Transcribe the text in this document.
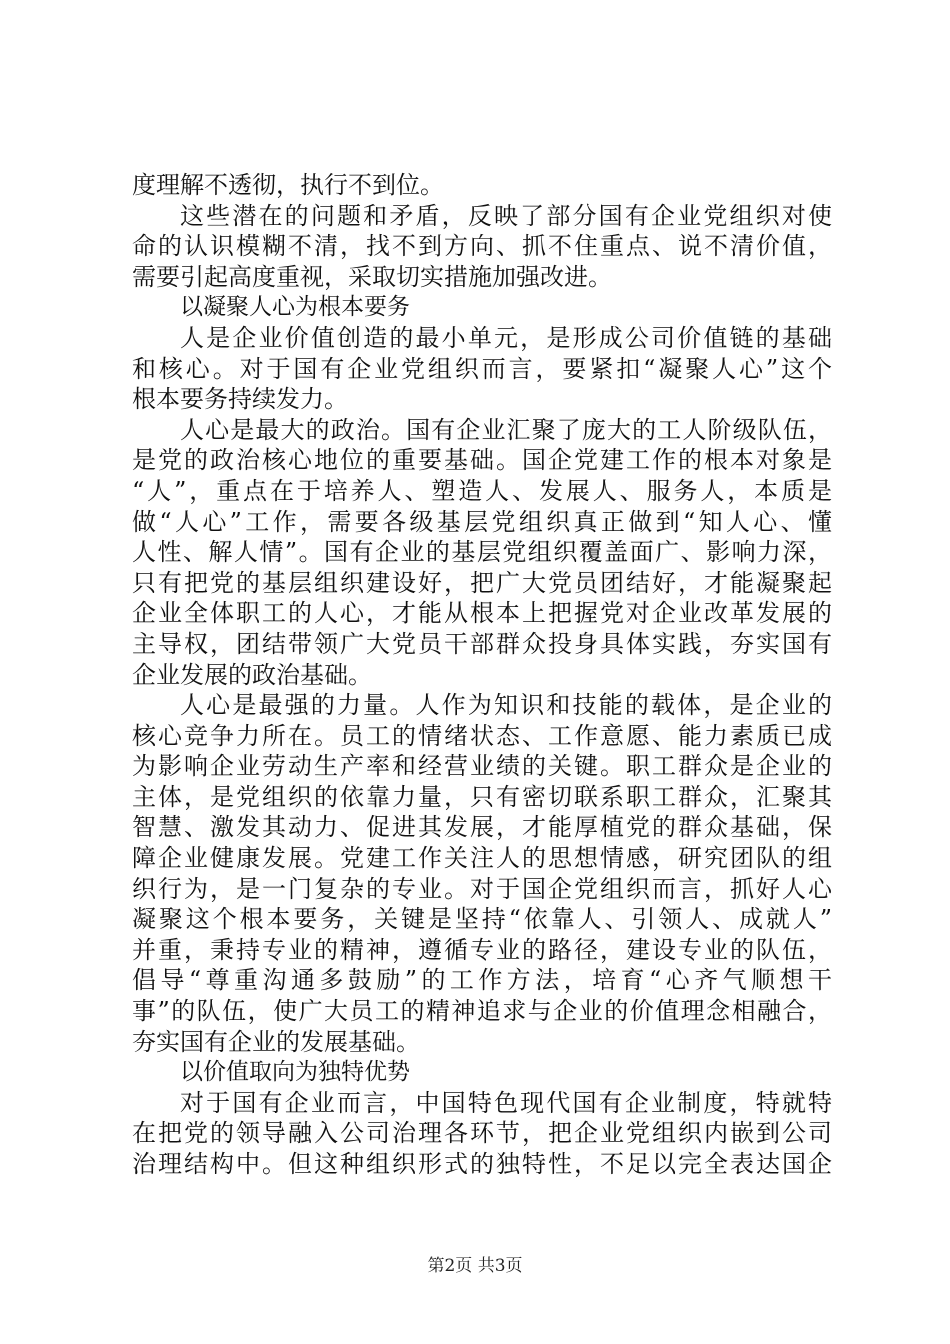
度理解不透彻，执行不到位。
这些潜在的问题和矛盾，反映了部分国有企业党组织对使
命的认识模糊不清，找不到方向、抓不住重点、说不清价值，
需要引起高度重视，采取切实措施加强改进。
以凝聚人心为根本要务
人是企业价值创造的最小单元，是形成公司价值链的基础
和核心。对于国有企业党组织而言，要紧扣“凝聚人心”这个
根本要务持续发力。
人心是最大的政治。国有企业汇聚了庞大的工人阶级队伍，
是党的政治核心地位的重要基础。国企党建工作的根本对象是
“人”，重点在于培养人、塑造人、发展人、服务人，本质是
做“人心”工作，需要各级基层党组织真正做到“知人心、懂
人性、解人情”。国有企业的基层党组织覆盖面广、影响力深，
只有把党的基层组织建设好，把广大党员团结好，才能凝聚起
企业全体职工的人心，才能从根本上把握党对企业改革发展的
主导权，团结带领广大党员干部群众投身具体实践，夯实国有
企业发展的政治基础。
人心是最强的力量。人作为知识和技能的载体，是企业的
核心竞争力所在。员工的情绪状态、工作意愿、能力素质已成
为影响企业劳动生产率和经营业绩的关键。职工群众是企业的
主体，是党组织的依靠力量，只有密切联系职工群众，汇聚其
智慧、激发其动力、促进其发展，才能厚植党的群众基础，保
障企业健康发展。党建工作关注人的思想情感，研究团队的组
织行为，是一门复杂的专业。对于国企党组织而言，抓好人心
凝聚这个根本要务，关键是坚持“依靠人、引领人、成就人”
并重，秉持专业的精神，遵循专业的路径，建设专业的队伍，
倡导“尊重沟通多鼓励”的工作方法，培育“心齐气顺想干
事”的队伍，使广大员工的精神追求与企业的价值理念相融合，
夯实国有企业的发展基础。
以价值取向为独特优势
对于国有企业而言，中国特色现代国有企业制度，特就特
在把党的领导融入公司治理各环节，把企业党组织内嵌到公司
治理结构中。但这种组织形式的独特性，不足以完全表达国企
第2页 共3页
